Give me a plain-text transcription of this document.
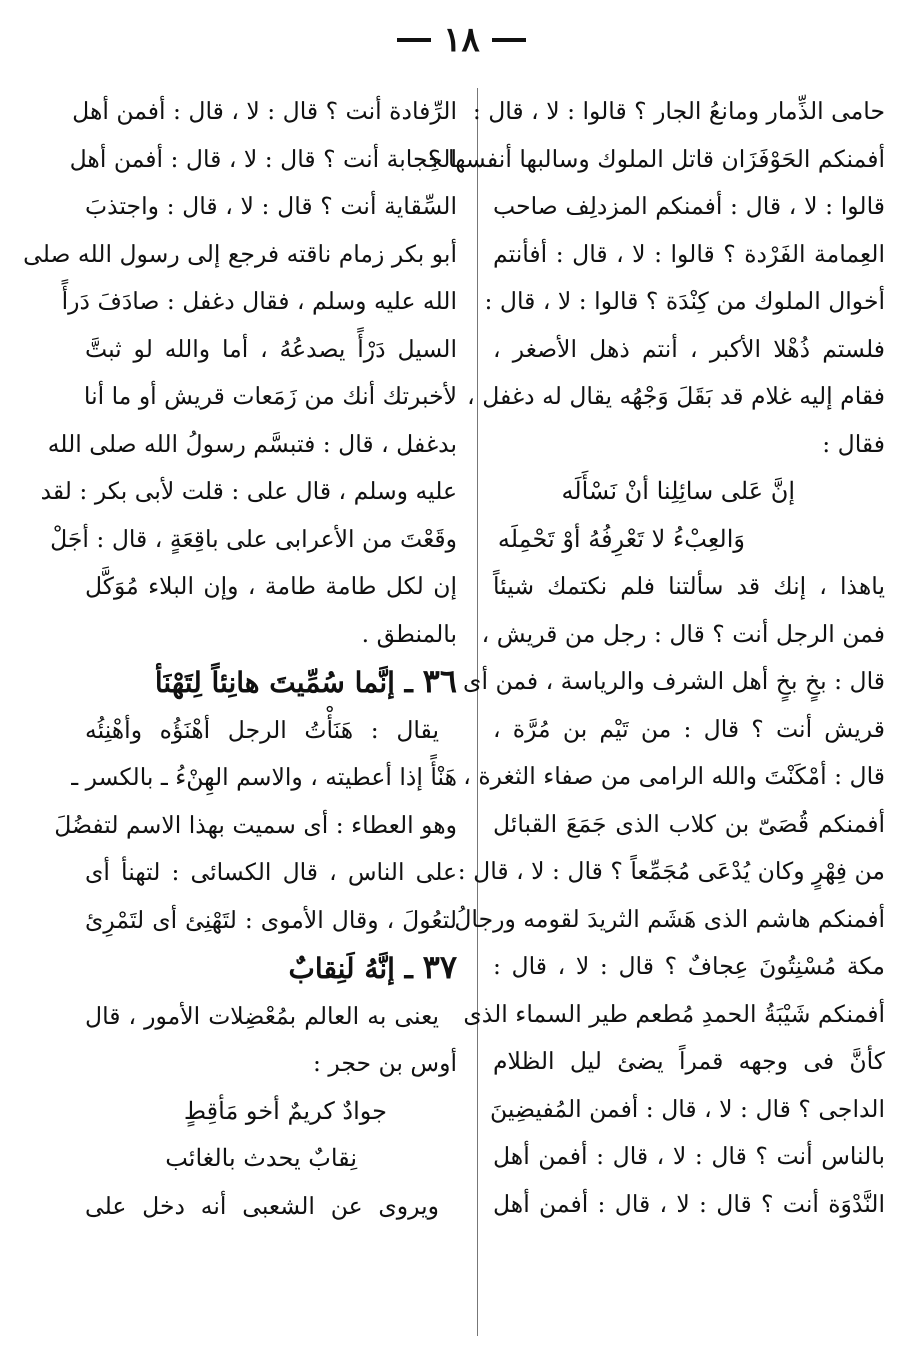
١٨
حامى الذِّمار ومانعُ الجار ؟ قالوا : لا ، قال :
أفمنكم الحَوْفَزَان قاتل الملوك وسالبها أنفسها ؟
قالوا : لا ، قال : أفمنكم المزدلِف صاحب
العِمامة الفَرْدة ؟ قالوا : لا ، قال : أفأنتم
أخوال الملوك من كِنْدَة ؟ قالوا : لا ، قال :
فلستم ذُهْلا الأكبر ، أنتم ذهل الأصغر ،
فقام إليه غلام قد بَقَلَ وَجْهُه يقال له دغفل ،
فقال :
إنَّ عَلى سائِلِنا أنْ نَسْأَلَه
وَالعِبْءُ لا تَعْرِفُهُ أوْ تَحْمِلَه
ياهذا ، إنك قد سألتنا فلم نكتمك شيئاً
فمن الرجل أنت ؟ قال : رجل من قريش ،
قال : بخٍ بخٍ أهل الشرف والرياسة ، فمن أى
قريش أنت ؟ قال : من تَيْم بن مُرَّة ،
قال : أمْكَنْتَ والله الرامى من صفاء الثغرة ،
أفمنكم قُصَىّ بن كلاب الذى جَمَعَ القبائل
من فِهْرٍ وكان يُدْعَى مُجَمِّعاً ؟ قال : لا ، قال :
أفمنكم هاشم الذى هَشَم الثريدَ لقومه ورجالُ
مكة مُسْنِتُونَ عِجافٌ ؟ قال : لا ، قال :
أفمنكم شَيْبَةُ الحمدِ مُطعم طير السماء الذى
كأنَّ فى وجهه قمراً يضئ ليل الظلام
الداجى ؟ قال : لا ، قال : أفمن المُفيضِينَ
بالناس أنت ؟ قال : لا ، قال : أفمن أهل
النَّدْوَة أنت ؟ قال : لا ، قال : أفمن أهل
الرِّفادة أنت ؟ قال : لا ، قال : أفمن أهل
الحِجابة أنت ؟ قال : لا ، قال : أفمن أهل
السِّقاية أنت ؟ قال : لا ، قال : واجتذبَ
أبو بكر زمام ناقته فرجع إلى رسول الله صلى
الله عليه وسلم ، فقال دغفل : صادَفَ دَرأً
السيل دَرْأً يصدعُهُ ، أما والله لو ثبتَّ
لأخبرتك أنك من زَمَعات قريش أو ما أنا
بدغفل ، قال : فتبسَّم رسولُ الله صلى الله
عليه وسلم ، قال على : قلت لأبى بكر : لقد
وقَعْتَ من الأعرابى على باقِعَةٍ ، قال : أجَلْ
إن لكل طامة طامة ، وإن البلاء مُوَكَّل
بالمنطق .
٣٦ ـ إنَّما سُمِّيتَ هانِئاً لِتَهْنَأ
يقال : هَنَأْتُ الرجل أهْنَؤُه وأهْنِئُه
هَنْأً إذا أعطيته ، والاسم الهِنْءُ ـ بالكسر ـ
وهو العطاء : أى سميت بهذا الاسم لتفضُلَ
على الناس ، قال الكسائى : لتهنأ أى
لتعُولَ ، وقال الأموى : لتَهْنِئ أى لتَمْرِئ
٣٧ ـ إنَّهُ لَنِقابٌ
يعنى به العالم بمُعْضِلات الأمور ، قال
أوس بن حجر :
جوادٌ كريمٌ أخو مَأقِطٍ
نِقابٌ يحدث بالغائب
ويروى عن الشعبى أنه دخل على
